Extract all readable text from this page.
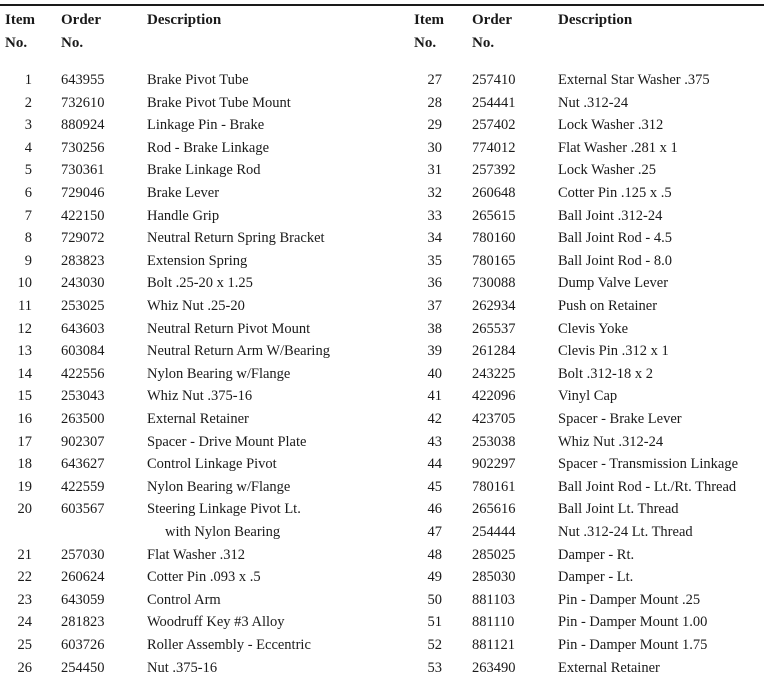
Item
No.
Order
No.
Description	Item
No.
Order
No.
Description
1 643955	Brake Pivot Tube	27 257410	External Star Washer .375
2 732610	Brake Pivot Tube Mount	28 254441	Nut .312-24
3 880924	Linkage Pin - Brake	29 257402	Lock Washer .312
4 730256	Rod - Brake Linkage	30 774012	Flat Washer .281 x 1
5 730361	Brake Linkage Rod	31 257392	Lock Washer .25
6 729046	Brake Lever	32 260648	Cotter Pin .125 x .5
7 422150	Handle Grip	33 265615	Ball Joint .312-24
8 729072	Neutral Return Spring Bracket	34 780160	Ball Joint Rod - 4.5
9 283823	Extension Spring	35 780165	Ball Joint Rod - 8.0
10 243030	Bolt .25-20 x 1.25	36 730088	Dump Valve Lever
11 253025	Whiz Nut .25-20	37 262934	Push on Retainer
12 643603	Neutral Return Pivot Mount	38 265537	Clevis Yoke
13 603084	Neutral Return Arm W/Bearing	39 261284	Clevis Pin .312 x 1
14 422556	Nylon Bearing w/Flange	40 243225	Bolt .312-18 x 2
15 253043	Whiz Nut .375-16	41 422096	Vinyl Cap
16 263500	External Retainer	42 423705	Spacer - Brake Lever
17 902307	Spacer - Drive Mount Plate	43 253038	Whiz Nut .312-24
18 643627	Control Linkage Pivot	44 902297	Spacer - Transmission Linkage
19 422559	Nylon Bearing w/Flange	45 780161	Ball Joint Rod - Lt./Rt. Thread
20 603567	Steering Linkage Pivot Lt.	46 265616	Ball Joint Lt. Thread
with Nylon Bearing	47 254444	Nut .312-24 Lt. Thread
21 257030	Flat Washer .312	48 285025	Damper - Rt.
22 260624	Cotter Pin .093 x .5	49 285030	Damper - Lt.
23 643059	Control Arm	50 881103	Pin - Damper Mount .25
24 281823	Woodruff Key #3 Alloy	51 881110	Pin - Damper Mount 1.00
25 603726	Roller Assembly - Eccentric	52 881121	Pin - Damper Mount 1.75
26 254450	Nut .375-16	53 263490	External Retainer
